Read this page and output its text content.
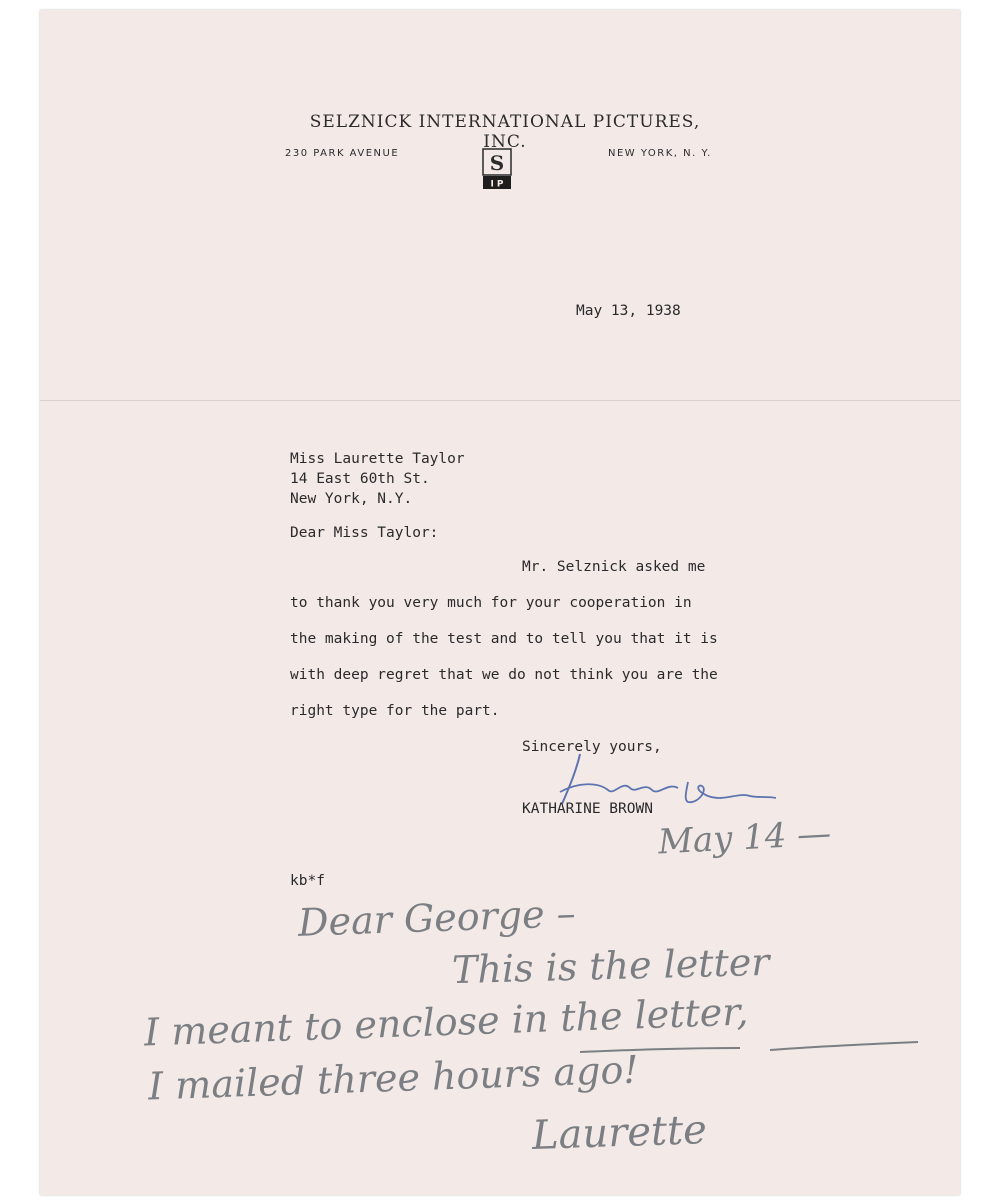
SELZNICK INTERNATIONAL PICTURES, INC.
230 PARK AVENUE	NEW YORK, N. Y.
S
I P
May 13, 1938
Miss Laurette Taylor
14 East 60th St.
New York, N.Y.
Dear Miss Taylor:
Mr. Selznick asked me
to thank you very much for your cooperation in
the making of the test and to tell you that it is
with deep regret that we do not think you are the
right type for the part.
Sincerely yours,
KATHARINE BROWN
kb*f
May 14 —
Dear George –
This is the letter
I meant to enclose in the letter,
I mailed three hours ago!
Laurette
